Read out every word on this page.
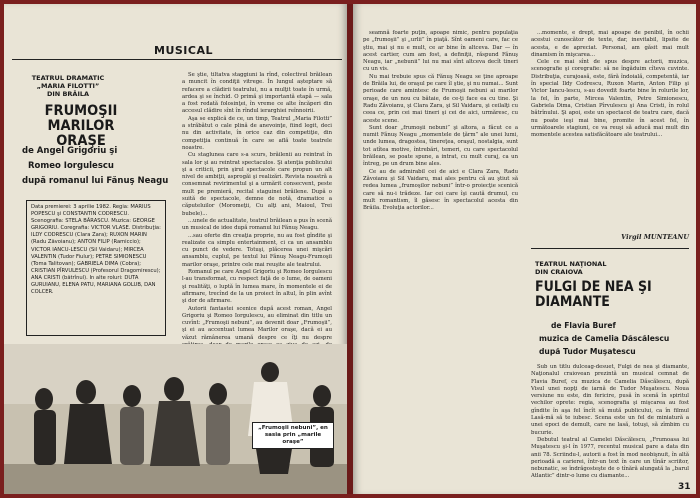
MUSICAL
TEATRUL DRAMATIC
„MARIA FILOTTI”
DIN BRĂILA
FRUMOŞII MARILOR
ORAŞE
de Angel Grigoriu şi
Romeo Iorgulescu
după romanul lui Fănuş Neagu
Data premierei: 3 aprilie 1982. Regia: MARIUS POPESCU şi CONSTANTIN CODRESCU. Scenografia: STELA BĂRASCU. Muzica: GEORGE GRIGORIU. Coregrafia: VICTOR VLASE. Distribuţia: ILDY CODRESCU (Clara Zara); RUXON MARIN (Radu Zăvoianu); ANTON FILIP (Ramiccio); VICTOR IANCU-LESCU (Sil Vaidaru); MIRCEA VALENTIN (Tudor Fiulur); PETRE SIMIONESCU (Toma Talitovan); GABRIELA DIMA (Cobra); CRISTIAN PÎRVULESCU (Profesorul Dragomirescu); ANA CRISTI (bătrînul). In alte roluri: DUTA GURUIANU, ELENA PATU, MARIANA GOLUB, DAN COLCER.

Se ştie, tiltatva staggiuni la rînd, colectivul brăilean a muncit în condiţii vitrege. În lungul așteptare să refacere a clădirii teatrului, nu a mulţit toate în urmă, ardea şi se închid. O primă şi importantă etapă — sala a fost redată folosinţei, în vreme ce alte încăperi din accesul clădire sînt în rîndul ierarghiei reînnoirii.

Aşa se explică de ce, un timp, Teatrul „Maria Filotti” a străbătut o cale plină de anevoinţe, fiind legit, deci nu din activitate, în orice caz din competiţie, din competiţia continuă în care se află toate teatrele noastre.

Cu staglunea care s-a scurs, brăilenii au reintrat în sala lor şi au reintrat spectaculos. Şi atenţia publicului şi a criticii, prin şirul spectacole care propun un alt nivel de ambiţii, asprogăi şi realizări. Revista noastră a consemnat revirimentul şi a urmărit consecvent, peste mult pe premieră, recital staguinei brăilene. După o suită de spectacole, demne de notă, dramatice a căputeluilor (Moromeţii, Cu alţi ani, Maioul, Trei bubele)...

...unele de actualitate, teatrul brăilean a pus în scenă un musical de idee după romanul lui Fănuş Neagu.

...sau oferte din creaţia proprie, nu au fost gîndite şi realizate ca simplu entertainment, ci ca un ansamblu cu punct de vedere. Totuşi, plăcerea unei mişcări ansamblu, cuplul, pe textul lui Fănuş Neagu-Frumoşii marilor oraşe, printre cele mai reuşite ale teatrului.

Romanul pe care Angel Grigoriu şi Romeo Iorgulescu l-au transformat, cu respect faţă de o lume, de oameni şi realităţi, o luptă în lumea mare, în momentele ei de afirmare, trecînd de la un proiect în altul, în plin avînt şi dor de afirmare.

Autorii fantastei scenice după acest roman, Angel Grigoriu şi Romeo Iorgulescu, au eliminat din titlu un cuvînt: „Frumoşii nebuni”, au devenit doar „Frumoşii”, şi ei au accentuat lumea Marilor oraşe, dacă ei au văzut rămânerea umană despre ce îţi nu despre

„Frumoşii nebuni”, en sasia prin „marile oraşe”

seamnă foarte puţin, apoape nimic, pentru populaţia pe „frumoşii” şi „urlii” în piaţă. Sînt oameni care, fac ce ştiu, mai şi nu e mult, ce ar bine în altceva. Dar — în acest cartier, cum am fost, a definiţii, răspund Fănuş Neagu, iar „nebunii” lui nu mai sînt altceva decît tineri cu un vis.

Nu mai trebuie spus că Fănuş Neagu se ţine aproape de Brăila lui, de oraşul pe care îl ştie, şi nu numai... Sunt perioade care amintesc de Frumoşii nebuni ai marilor oraşe, de un nou cu bătaie, de ce-ţi face ea cu tine. Şi Radu Zăvoianu, şi Clara Zara, şi Sil Vaidaru, şi ceilalţi cu ceea ce, prin cei mai tineri şi cei de aici, urmăresc, cu aceste scene.

Sunt doar „frumoşii nebuni” şi altora, a făcut ce a numit Fănuş Neagu „momentele de ţărm” ale unei lumi, unde lumea, dragostea, tinereţea, oraşul, nostalgia, sunt tot atîtea motive, întrebări, temeri, cu care spectacolul brăilean, se poate spune, a intrat, cu mult curaj, ca un întreg, pe un drum bine ales.

Ce au de admirabil cei de aici e Clara Zara, Radu Zăvoianu şi Sil Vaidaru, mai ales pentru că au ştiut să redea lumea „frumoşilor nebuni” într-o proiecţie scenică care să nu-i trădeze. Iar cei care îşi caută drumul, cu mult romantism, îl găsesc în spectacolul acesta din Brăila. Evoluţia actorilor...

...momente, e drept, mai apoape de penibil, în ochii acestui cunoscător de texte, dar, inevitabil, lipsite de acesta, e de apreciat. Personal, am găsit mai mult dinamism în mişcarea...

Cele ce mai sînt de spus despre actorii, muzica, scenografie şi coregrafie: să ne îngăduim cîteva cuvinte. Distribuţia, curajoasă, este, fără îndoială, competentă, iar în special Ildy Codrescu, Ruxon Marin, Anton Filip şi Victor Iancu-lescu, s-au dovedit foarte bine în rolurile lor, la fel, în parte, Mircea Valentin, Petre Simionescu, Gabriela Dima, Cristian Pîrvulescu şi Ana Cristi, în rolul bătrînului. Şi apoi, este un spectacol de teatru care, dacă nu poate ieşi mai bine, promite în acest fel, în următoarele stagiuni, ce va reuşi să aducă mai mult din momentele acestea satisfăcătoare ale teatrului...

Virgil MUNTEANU

TEATRUL NAŢIONAL
DIN CRAIOVA
FULGI DE NEA ŞI
DIAMANTE
de Flavia Buref
muzica de Camelia Dăscălescu
după Tudor Muşatescu

Sub un titlu dulceag-desuet, Fulgi de nea şi diamante, Naţionalul craiovean prezintă un musical cemnat de Flavia Buref, cu muzica de Camelia Dăscălescu, după Visul unei nopţi de iarnă de Tudor Muşatescu. Noua versiune nu este, din fericire, pusă în scenă în spiritul vechilor oprete: regia, scenografia şi mişcarea au fost gîndite în aşa fel încît să mută publicului, ca în filmul Lasă-mă să te iubesc. Scena este un fel de miniatură a unei epoci de demult, care ne lasă, totuşi, să zîmbim cu bucurie.

Debutul teatral al Camelei Dăscălescu, „Frumoasa lui Muşatescu şi-l în 1977, recentul musical pare a data din anii 78. Scriindu-l, autorii a fost în mod neobişnuit, în altă perioadă a carierei, într-un text în care un tînăr scriitor, nebunatic, se îndrăgosteşte de o tînără alungată la „barul Atlantic” dintr-o lume cu diamante...

31
